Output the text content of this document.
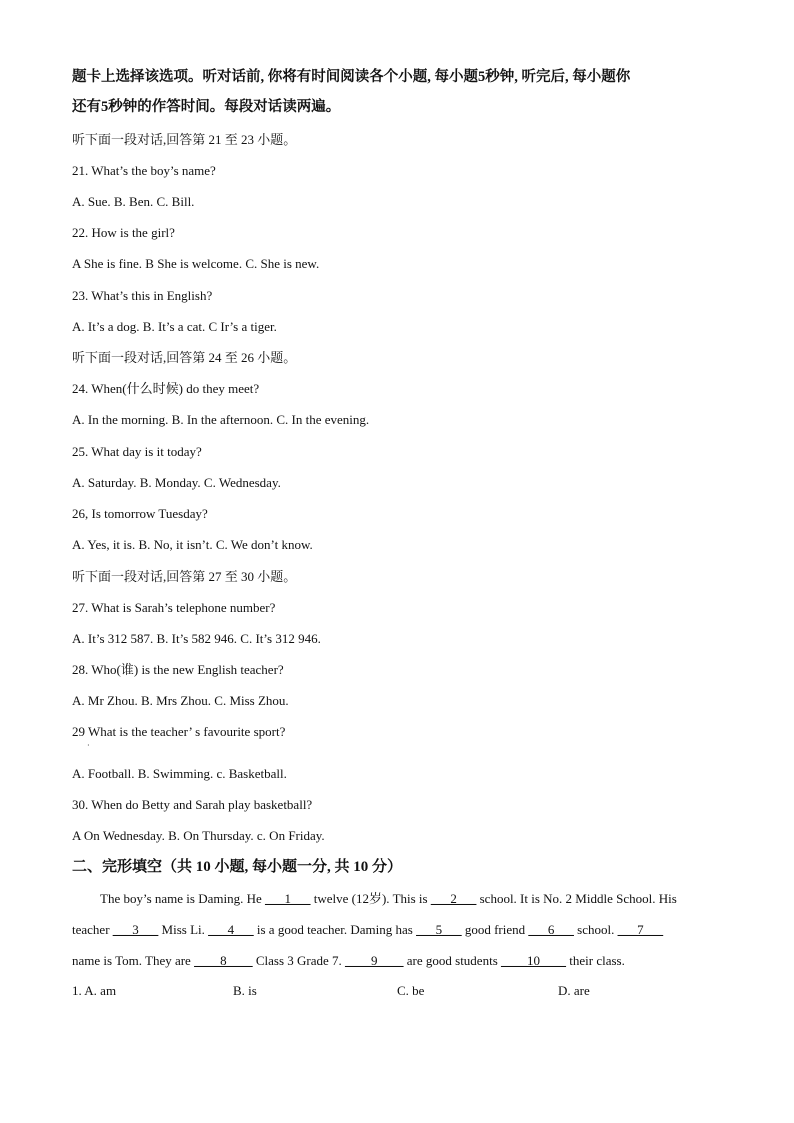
题卡上选择该选项。听对话前, 你将有时间阅读各个小题, 每小题5秒钟, 听完后, 每小题你
还有5秒钟的作答时间。每段对话读两遍。
听下面一段对话,回答第 21 至 23 小题。
21. What’s the boy’s name?
A. Sue. B. Ben. C. Bill.
22. How is the girl?
A She is fine. B She is welcome. C. She is new.
23. What’s this in English?
A. It’s a dog. B. It’s a cat. C Ir’s a tiger.
听下面一段对话,回答第 24 至 26 小题。
24. When(什么时候) do they meet?
A. In the morning. B. In the afternoon. C. In the evening.
25. What day is it today?
A. Saturday. B. Monday. C. Wednesday.
26, Is tomorrow Tuesday?
A. Yes, it is. B. No, it isn’t. C. We don’t know.
听下面一段对话,回答第 27 至 30 小题。
27. What is Sarah’s telephone number?
A. It’s 312 587. B. It’s 582 946. C. It’s 312 946.
28. Who(谁) is the new English teacher?
A. Mr Zhou. B. Mrs Zhou. C. Miss Zhou.
29 What is the teacher’ s favourite sport?
·
A. Football. B. Swimming. c. Basketball.
30. When do Betty and Sarah play basketball?
A On Wednesday. B. On Thursday. c. On Friday.
二、完形填空（共 10 小题, 每小题一分, 共 10 分）
The boy’s name is Daming. He ___1___ twelve (12岁). This is ___2___ school. It is No. 2 Middle School. His
teacher ___3___ Miss Li. ___4___ is a good teacher. Daming has ___5___ good friend ___6___ school. ___7___
name is Tom. They are ____8____ Class 3 Grade 7. ____9____ are good students ____10____ their class.
1. A. am	B. is	C. be	D. are
